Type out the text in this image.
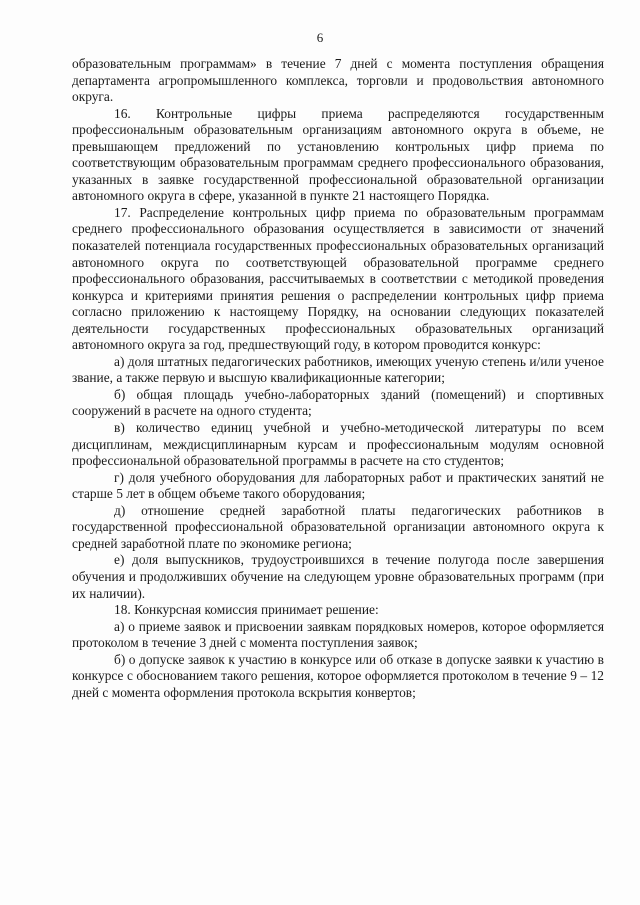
6

образовательным программам» в течение 7 дней с момента поступления обращения департамента агропромышленного комплекса, торговли и продовольствия автономного округа.

16. Контрольные цифры приема распределяются государственным профессиональным образовательным организациям автономного округа в объеме, не превышающем предложений по установлению контрольных цифр приема по соответствующим образовательным программам среднего профессионального образования, указанных в заявке государственной профессиональной образовательной организации автономного округа в сфере, указанной в пункте 21 настоящего Порядка.

17. Распределение контрольных цифр приема по образовательным программам среднего профессионального образования осуществляется в зависимости от значений показателей потенциала государственных профессиональных образовательных организаций автономного округа по соответствующей образовательной программе среднего профессионального образования, рассчитываемых в соответствии с методикой проведения конкурса и критериями принятия решения о распределении контрольных цифр приема согласно приложению к настоящему Порядку, на основании следующих показателей деятельности государственных профессиональных образовательных организаций автономного округа за год, предшествующий году, в котором проводится конкурс:

а) доля штатных педагогических работников, имеющих ученую степень и/или ученое звание, а также первую и высшую квалификационные категории;

б) общая площадь учебно-лабораторных зданий (помещений) и спортивных сооружений в расчете на одного студента;

в) количество единиц учебной и учебно-методической литературы по всем дисциплинам, междисциплинарным курсам и профессиональным модулям основной профессиональной образовательной программы в расчете на сто студентов;

г) доля учебного оборудования для лабораторных работ и практических занятий не старше 5 лет в общем объеме такого оборудования;

д) отношение средней заработной платы педагогических работников в государственной профессиональной образовательной организации автономного округа к средней заработной плате по экономике региона;

е) доля выпускников, трудоустроившихся в течение полугода после завершения обучения и продолживших обучение на следующем уровне образовательных программ (при их наличии).

18. Конкурсная комиссия принимает решение:

а) о приеме заявок и присвоении заявкам порядковых номеров, которое оформляется протоколом в течение 3 дней с момента поступления заявок;

б) о допуске заявок к участию в конкурсе или об отказе в допуске заявки к участию в конкурсе с обоснованием такого решения, которое оформляется протоколом в течение 9 – 12 дней с момента оформления протокола вскрытия конвертов;
